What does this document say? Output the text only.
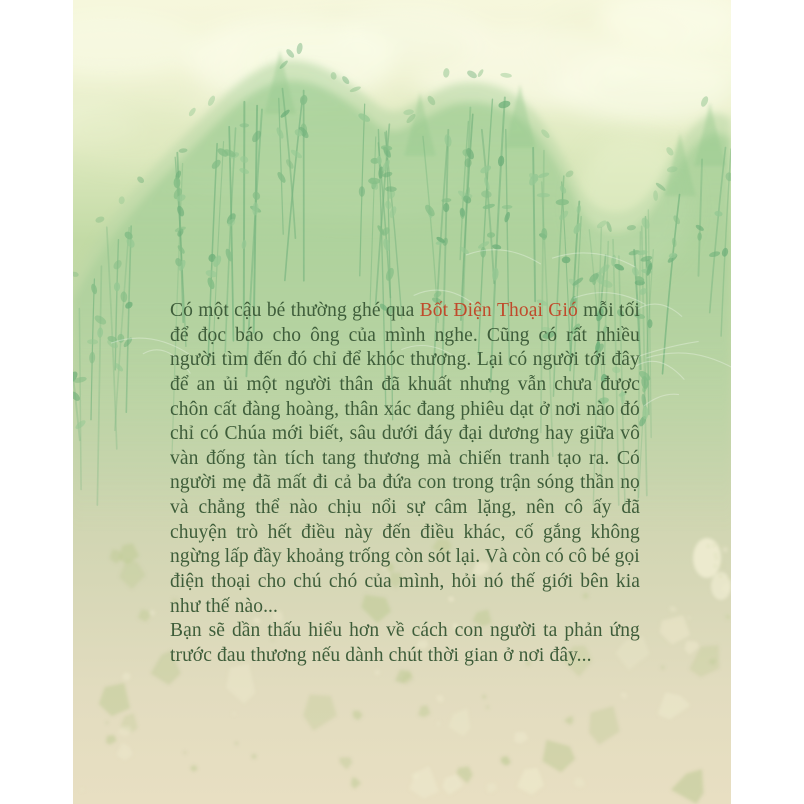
Có một cậu bé thường ghé qua Bốt Điện Thoại Gió mỗi tối
để đọc báo cho ông của mình nghe. Cũng có rất nhiều
người tìm đến đó chỉ để khóc thương. Lại có người tới đây
để an ủi một người thân đã khuất nhưng vẫn chưa được
chôn cất đàng hoàng, thân xác đang phiêu dạt ở nơi nào đó
chỉ có Chúa mới biết, sâu dưới đáy đại dương hay giữa vô
vàn đống tàn tích tang thương mà chiến tranh tạo ra. Có
người mẹ đã mất đi cả ba đứa con trong trận sóng thần nọ
và chẳng thể nào chịu nổi sự câm lặng, nên cô ấy đã
chuyện trò hết điều này đến điều khác, cố gắng không
ngừng lấp đầy khoảng trống còn sót lại. Và còn có cô bé gọi
điện thoại cho chú chó của mình, hỏi nó thế giới bên kia
như thế nào...
Bạn sẽ dần thấu hiểu hơn về cách con người ta phản ứng
trước đau thương nếu dành chút thời gian ở nơi đây...
